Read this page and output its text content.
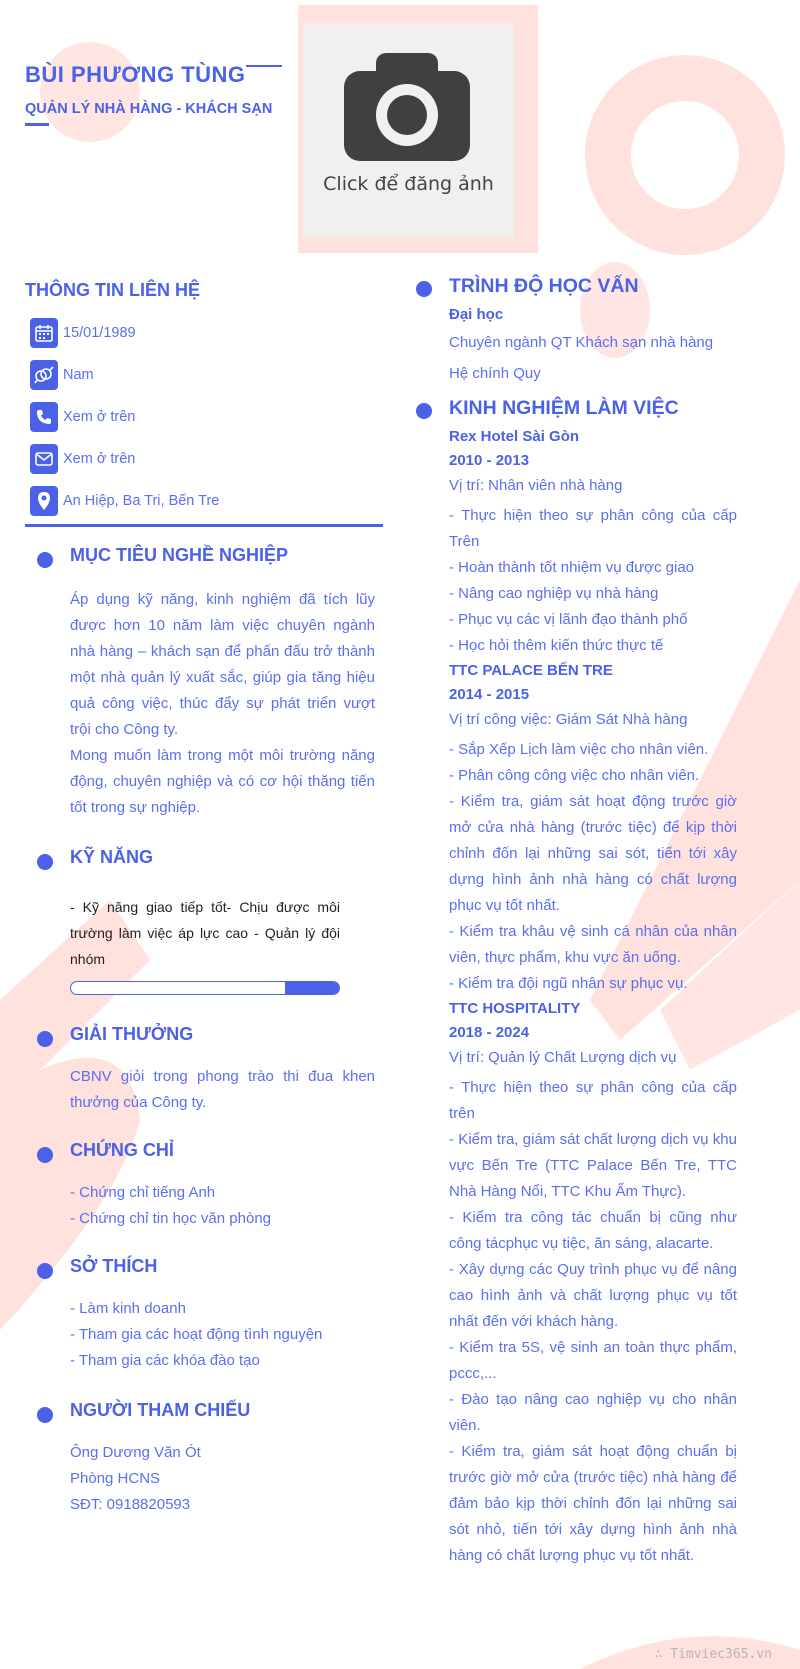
BÙI PHƯƠNG TÙNG
QUẢN LÝ NHÀ HÀNG - KHÁCH SẠN
Click để đăng ảnh
THÔNG TIN LIÊN HỆ
15/01/1989
Nam
Xem ở trên
Xem ở trên
An Hiệp, Ba Tri, Bến Tre
MỤC TIÊU NGHỀ NGHIỆP
Áp dụng kỹ năng, kinh nghiệm đã tích lũy được hơn 10 năm làm việc chuyên ngành nhà hàng – khách sạn để phấn đấu trở thành một nhà quản lý xuất sắc, giúp gia tăng hiệu quả công việc, thúc đẩy sự phát triển vượt trội cho Công ty.
Mong muốn làm trong một môi trường năng động, chuyên nghiệp và có cơ hội thăng tiến tốt trong sự nghiệp.
KỸ NĂNG
- Kỹ năng giao tiếp tốt- Chịu được môi trường làm việc áp lực cao - Quản lý đội nhóm
GIẢI THƯỞNG
CBNV giỏi trong phong trào thi đua khen thưởng của Công ty.
CHỨNG CHỈ
- Chứng chỉ tiếng Anh
- Chứng chỉ tin học văn phòng
SỞ THÍCH
- Làm kinh doanh
- Tham gia các hoạt động tình nguyện
- Tham gia các khóa đào tạo
NGƯỜI THAM CHIẾU
Ông Dương Văn Ót
Phòng HCNS
SĐT: 0918820593
TRÌNH ĐỘ HỌC VẤN
Đại học
Chuyên ngành QT Khách sạn nhà hàng
Hệ chính Quy
KINH NGHIỆM LÀM VIỆC
Rex Hotel Sài Gòn
2010 - 2013
Vị trí: Nhân viên nhà hàng
- Thực hiện theo sự phân công của cấp Trên
- Hoàn thành tốt nhiệm vụ được giao
- Nâng cao nghiệp vụ nhà hàng
- Phục vụ các vị lãnh đạo thành phố
- Học hỏi thêm kiến thức thực tế
TTC PALACE BẾN TRE
2014 - 2015
Vị trí công việc: Giám Sát Nhà hàng
- Sắp Xếp Lịch làm việc cho nhân viên.
- Phân công công việc cho nhân viên.
- Kiểm tra, giám sát hoạt động trước giờ mở cửa nhà hàng (trước tiệc) để kịp thời chỉnh đốn lại những sai sót, tiến tới xây dựng hình ảnh nhà hàng có chất lượng phục vụ tốt nhất.
- Kiểm tra khâu vệ sinh cá nhân của nhân viên, thực phẩm, khu vực ăn uống.
- Kiểm tra đội ngũ nhân sự phục vụ.
TTC HOSPITALITY
2018 - 2024
Vị trí: Quản lý Chất Lượng dịch vụ
- Thực hiện theo sự phân công của cấp trên
- Kiểm tra, giám sát chất lượng dịch vụ khu vực Bến Tre (TTC Palace Bến Tre, TTC Nhà Hàng Nổi, TTC Khu Ẩm Thực).
- Kiểm tra công tác chuẩn bị cũng như công tácphục vụ tiệc, ăn sáng, alacarte.
- Xây dựng các Quy trình phục vụ để nâng cao hình ảnh và chất lượng phục vụ tốt nhất đến với khách hàng.
- Kiểm tra 5S, vệ sinh an toàn thực phẩm, pccc,...
- Đào tạo nâng cao nghiệp vụ cho nhân viên.
- Kiểm tra, giám sát hoạt động chuẩn bị trước giờ mở cửa (trước tiệc) nhà hàng để đảm bảo kịp thời chỉnh đốn lại những sai sót nhỏ, tiến tới xây dựng hình ảnh nhà hàng có chất lượng phục vụ tốt nhất.
∴ Timviec365.vn
